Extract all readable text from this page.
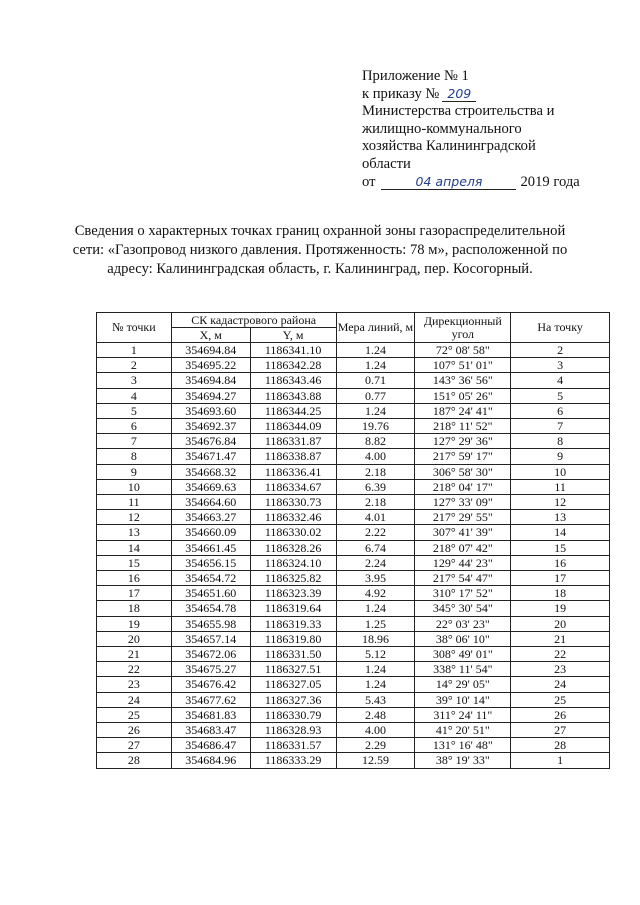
Приложение № 1
к приказу № 209
Министерства строительства и
жилищно-коммунального
хозяйства Калининградской
области
от	04 апреля	2019 года
Сведения о характерных точках границ охранной зоны газораспределительной сети: «Газопровод низкого давления. Протяженность: 78 м», расположенной по адресу: Калининградская область, г. Калининград, пер. Косогорный.
№ точки	СК кадастрового района		Мера линий, м	Дирекционный угол	На точку
	X, м	Y, м			
1	354694.84	1186341.10	1.24	72° 08' 58"	2
2	354695.22	1186342.28	1.24	107° 51' 01"	3
3	354694.84	1186343.46	0.71	143° 36' 56"	4
4	354694.27	1186343.88	0.77	151° 05' 26"	5
5	354693.60	1186344.25	1.24	187° 24' 41"	6
6	354692.37	1186344.09	19.76	218° 11' 52"	7
7	354676.84	1186331.87	8.82	127° 29' 36"	8
8	354671.47	1186338.87	4.00	217° 59' 17"	9
9	354668.32	1186336.41	2.18	306° 58' 30"	10
10	354669.63	1186334.67	6.39	218° 04' 17"	11
11	354664.60	1186330.73	2.18	127° 33' 09"	12
12	354663.27	1186332.46	4.01	217° 29' 55"	13
13	354660.09	1186330.02	2.22	307° 41' 39"	14
14	354661.45	1186328.26	6.74	218° 07' 42"	15
15	354656.15	1186324.10	2.24	129° 44' 23"	16
16	354654.72	1186325.82	3.95	217° 54' 47"	17
17	354651.60	1186323.39	4.92	310° 17' 52"	18
18	354654.78	1186319.64	1.24	345° 30' 54"	19
19	354655.98	1186319.33	1.25	22° 03' 23"	20
20	354657.14	1186319.80	18.96	38° 06' 10"	21
21	354672.06	1186331.50	5.12	308° 49' 01"	22
22	354675.27	1186327.51	1.24	338° 11' 54"	23
23	354676.42	1186327.05	1.24	14° 29' 05"	24
24	354677.62	1186327.36	5.43	39° 10' 14"	25
25	354681.83	1186330.79	2.48	311° 24' 11"	26
26	354683.47	1186328.93	4.00	41° 20' 51"	27
27	354686.47	1186331.57	2.29	131° 16' 48"	28
28	354684.96	1186333.29	12.59	38° 19' 33"	1
